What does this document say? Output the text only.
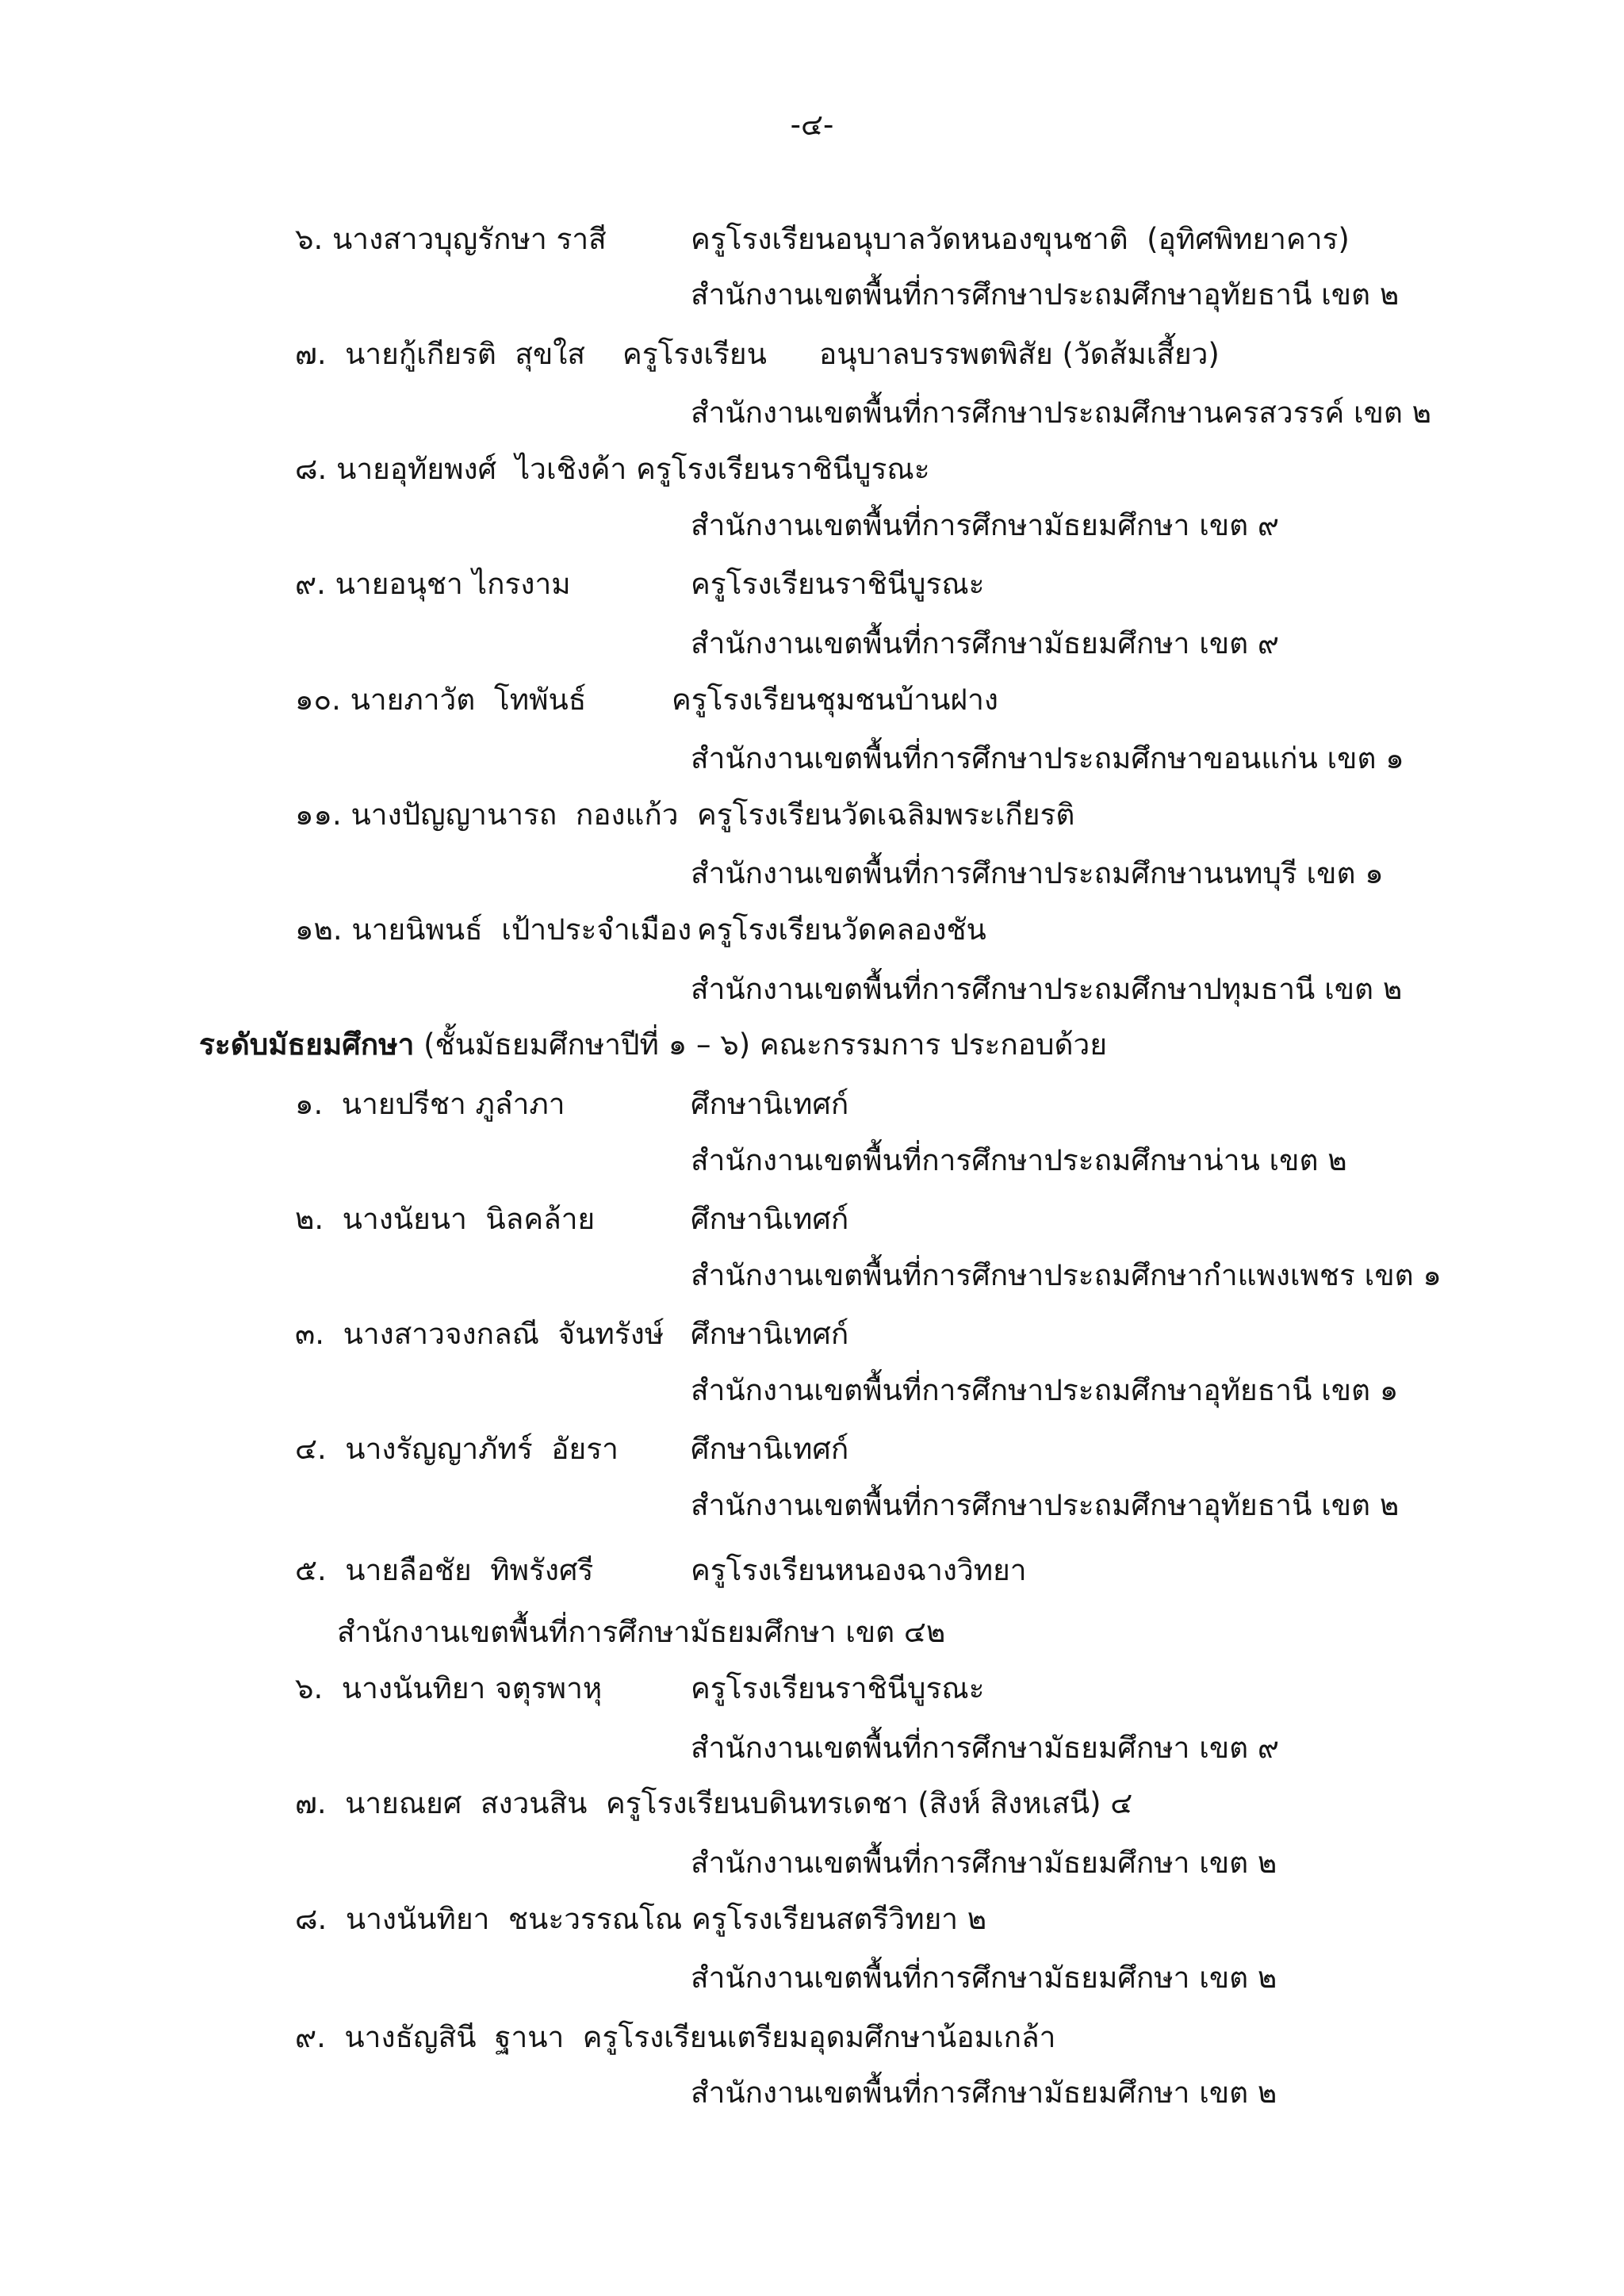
-๔-
๖. นางสาวบุญรักษา ราสี	ครูโรงเรียนอนุบาลวัดหนองขุนชาติ  (อุทิศพิทยาคาร)
สำนักงานเขตพื้นที่การศึกษาประถมศึกษาอุทัยธานี เขต ๒
๗.  นายกู้เกียรติ  สุขใส    ครูโรงเรียน อนุบาลบรรพตพิสัย (วัดส้มเสี้ยว)
สำนักงานเขตพื้นที่การศึกษาประถมศึกษานครสวรรค์ เขต ๒
๘. นายอุทัยพงศ์  ไวเชิงค้า ครูโรงเรียนราชินีบูรณะ
สำนักงานเขตพื้นที่การศึกษามัธยมศึกษา เขต ๙
๙. นายอนุชา ไกรงาม	ครูโรงเรียนราชินีบูรณะ
สำนักงานเขตพื้นที่การศึกษามัธยมศึกษา เขต ๙
๑๐. นายภาวัต  โทพันธ์	ครูโรงเรียนชุมชนบ้านฝาง
สำนักงานเขตพื้นที่การศึกษาประถมศึกษาขอนแก่น เขต ๑
๑๑. นางปัญญานารถ  กองแก้ว ครูโรงเรียนวัดเฉลิมพระเกียรติ
สำนักงานเขตพื้นที่การศึกษาประถมศึกษานนทบุรี เขต ๑
๑๒. นายนิพนธ์  เป้าประจำเมือง ครูโรงเรียนวัดคลองชัน
สำนักงานเขตพื้นที่การศึกษาประถมศึกษาปทุมธานี เขต ๒
ระดับมัธยมศึกษา (ชั้นมัธยมศึกษาปีที่ ๑ – ๖) คณะกรรมการ ประกอบด้วย
๑.  นายปรีชา ภูลำภา	ศึกษานิเทศก์
สำนักงานเขตพื้นที่การศึกษาประถมศึกษาน่าน เขต ๒
๒.  นางนัยนา  นิลคล้าย	ศึกษานิเทศก์
สำนักงานเขตพื้นที่การศึกษาประถมศึกษากำแพงเพชร เขต ๑
๓.  นางสาวจงกลณี  จันทรังษ์ ศึกษานิเทศก์
สำนักงานเขตพื้นที่การศึกษาประถมศึกษาอุทัยธานี เขต ๑
๔.  นางรัญญาภัทร์  อัยรา ศึกษานิเทศก์
สำนักงานเขตพื้นที่การศึกษาประถมศึกษาอุทัยธานี เขต ๒
๕.  นายลือชัย  ทิพรังศรี	ครูโรงเรียนหนองฉางวิทยา
สำนักงานเขตพื้นที่การศึกษามัธยมศึกษา เขต ๔๒
๖.  นางนันทิยา จตุรพาหุ	ครูโรงเรียนราชินีบูรณะ
สำนักงานเขตพื้นที่การศึกษามัธยมศึกษา เขต ๙
๗.  นายณยศ  สงวนสิน  ครูโรงเรียนบดินทรเดชา (สิงห์ สิงหเสนี) ๔
สำนักงานเขตพื้นที่การศึกษามัธยมศึกษา เขต ๒
๘.  นางนันทิยา  ชนะวรรณโณ ครูโรงเรียนสตรีวิทยา ๒
สำนักงานเขตพื้นที่การศึกษามัธยมศึกษา เขต ๒
๙.  นางธัญสินี  ฐานา  ครูโรงเรียนเตรียมอุดมศึกษาน้อมเกล้า
สำนักงานเขตพื้นที่การศึกษามัธยมศึกษา เขต ๒
